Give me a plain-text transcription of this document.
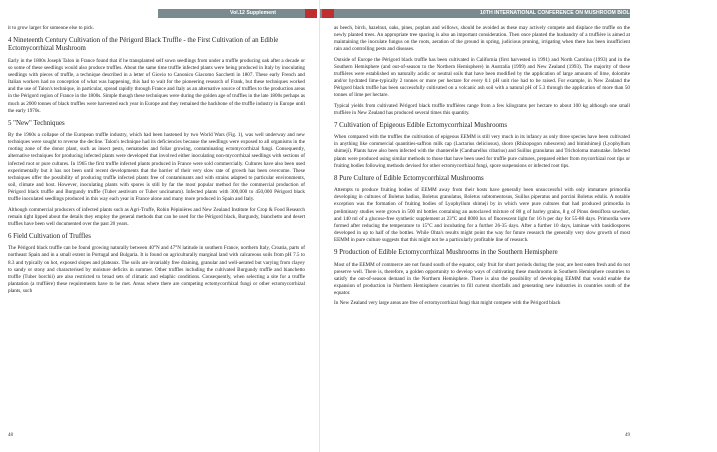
Vol.12 Supplement

it to grow larger for someone else to pick.

4 Nineteenth Century Cultivation of the Périgord Black Truffle - the First Cultivation of an Edible Ectomycorrhizal Mushroom

Early in the 1800s Joseph Talon in France found that if he transplanted self sown seedlings from under a truffle producing oak after a decade or so some of these seedlings would also produce truffles. About the same time truffle infected plants were being produced in Italy by inoculating seedlings with pieces of truffle, a technique described in a letter of Giovio to Canonico Giacomo Sacchetti in 1807. These early French and Italian workers had no conception of what was happening, this had to wait for the pioneering research of Frank, but these techniques worked and the use of Talon's technique, in particular, spread rapidly through France and Italy as an alternative source of truffles to the production areas in the Périgord region of France in the 1800s. Simple though these techniques were during the golden age of truffles in the late 1800s perhaps as much as 2000 tonnes of black truffles were harvested each year in Europe and they remained the backbone of the truffle industry in Europe until the early 1970s.

5 "New" Techniques

By the 1960s a collapse of the European truffle industry, which had been hastened by two World Wars (Fig. 1), was well underway and new techniques were sought to reverse the decline. Talon's technique had its deficiencies because the seedlings were exposed to all organisms in the rooting zone of the donor plant, such as insect pests, nematodes and foliar growing, contaminating ectomycorrhizal fungi. Consequently, alternative techniques for producing infected plants were developed that involved either inoculating non-mycorrhizal seedlings with sections of infected root or pure cultures. In 1965 the first truffle infected plants produced in France were sold commercially. Cultures have also been used experimentally but it has not been until recent developments that the barrier of their very slow rate of growth has been overcome. These techniques offer the possibility of producing truffle infected plants free of contaminants and with strains adapted to particular environments, soil, climate and host. However, inoculating plants with spores is still by far the most popular method for the commercial production of Périgord black truffle and Burgundy truffle (Tuber aestivum or Tuber uncinatum). Infected plants with 300,000 to 450,000 Périgord black truffle inoculated seedlings produced in this way each year in France alone and many more produced in Spain and Italy.

Although commercial producers of infected plants such as Agri-Truffe, Robin Pépinières and New Zealand Institute for Crop & Food Research remain tight lipped about the details they employ the general methods that can be used for the Périgord black, Burgundy, bianchetto and desert truffles have been well documented over the past 20 years.

6 Field Cultivation of Truffles

The Périgord black truffle can be found growing naturally between 40°N and 47°N latitude in southern France, northern Italy, Croatia, parts of northeast Spain and in a small extent in Portugal and Bulgaria. It is found on agriculturally marginal land with calcareous soils from pH 7.5 to 8.3 and typically on hot, exposed slopes and plateaux. The soils are invariably free draining, granular and well-aerated but varying from clayey to sandy or stony and characterised by moisture deficits in summer. Other truffles including the cultivated Burgundy truffle and bianchetto truffle (Tuber borchii) are also restricted to broad sets of climatic and edaphic conditions. Consequently, when selecting a site for a truffle plantation (a truffière) these requirements have to be met. Areas where there are competing ectomycorrhizal fungi or other ectomycorrhizal plants, such

48
10TH INTERNATIONAL CONFERENCE ON MUSHROOM BIOLOGY AND MUSHROOM PRODUCTS

as beech, birch, hazelnut, oaks, pines, poplars and willows, should be avoided as these may actively compete and displace the truffle on the newly planted trees. An appropriate tree spacing is also an important consideration. Then once planted the husbandry of a truffière is aimed at maintaining the inoculate fungus on the roots, aeration of the ground in spring, judicious pruning, irrigating when there has been insufficient rain and controlling pests and diseases.

Outside of Europe the Périgord black truffle has been cultivated in California (first harvested in 1991) and North Carolina (1993) and in the Southern Hemisphere (and out-of-season to the Northern Hemisphere) in Australia (1999) and New Zealand (1993). The majority of these truffières were established on naturally acidic or neutral soils that have been modified by the application of large amounts of lime, dolomite and/or hydrated lime-typically 2 tonnes or more per hectare for every 0.1 pH unit rise had to be raised. For example, in New Zealand the Périgord black truffle has been successfully cultivated on a volcanic ash soil with a natural pH of 5.3 through the application of more than 50 tonnes of lime per hectare.

Typical yields from cultivated Périgord black truffle truffières range from a few kilograms per hectare to about 100 kg although one small truffière in New Zealand has produced several times this quantity.

7 Cultivation of Epigeous Edible Ectomycorrhizal Mushrooms

When compared with the truffles the cultivation of epigeous EEMM is still very much in its infancy as only three species have been cultivated in anything like commercial quantities-saffron milk cap (Lactarius deliciosus), shoro (Rhizopogon rubescens) and bimishimeji (Lyophyllum shimeji). Plants have also been infected with the chanterelle (Cantharellus cibarius) and Suillus granulatus and Tricholoma matsutake. Infected plants were produced using similar methods to those that have been used for truffle pure cultures, prepared either from mycorrhizal root tips or fruiting bodies following methods devised for other ectomycorrhizal fungi, spore suspensions or infected root tips.

8 Pure Culture of Edible Ectomycorrhizal Mushrooms

Attempts to produce fruiting bodies of EEMM away from their hosts have generally been unsuccessful with only immature primordia developing in cultures of Boletus badius, Boletus granulatus, Boletus subtomentosus, Suillus piperatus and porcini Boletus edulis. A notable exception was the formation of fruiting bodies of Lyophyllum shimeji by in which were pure cultures that had produced primordia in preliminary studies were grown in 500 ml bottles containing an autoclaved mixture of 80 g of barley grains, 8 g of Pinus densiflora sawdust, and 140 ml of a glucose-free synthetic supplement at 23°C and 8000 lux of fluorescent light for 16 h per day for 55-88 days. Primordia were formed after reducing the temperature to 15°C and incubating for a further 26-35 days. After a further 10 days, laminae with basidiospores developed in up to half of the bottles. While Ohta's results might point the way for future research the generally very slow growth of most EEMM in pure culture suggests that this might not be a particularly profitable line of research.

9 Production of Edible Ectomycorrhizal Mushrooms in the Southern Hemisphere

Most of the EEMM of commerce are not found south of the equator, only fruit for short periods during the year, are best eaten fresh and do not preserve well. There is, therefore, a golden opportunity to develop ways of cultivating these mushrooms in Southern Hemisphere countries to satisfy the out-of-season demand in the Northern Hemisphere. There is also the possibility of developing EEMM that would enable the expansion of production in Northern Hemisphere countries to fill current shortfalls and generating new industries in countries south of the equator.

In New Zealand very large areas are free of ectomycorrhizal fungi that might compete with the Périgord black

49
